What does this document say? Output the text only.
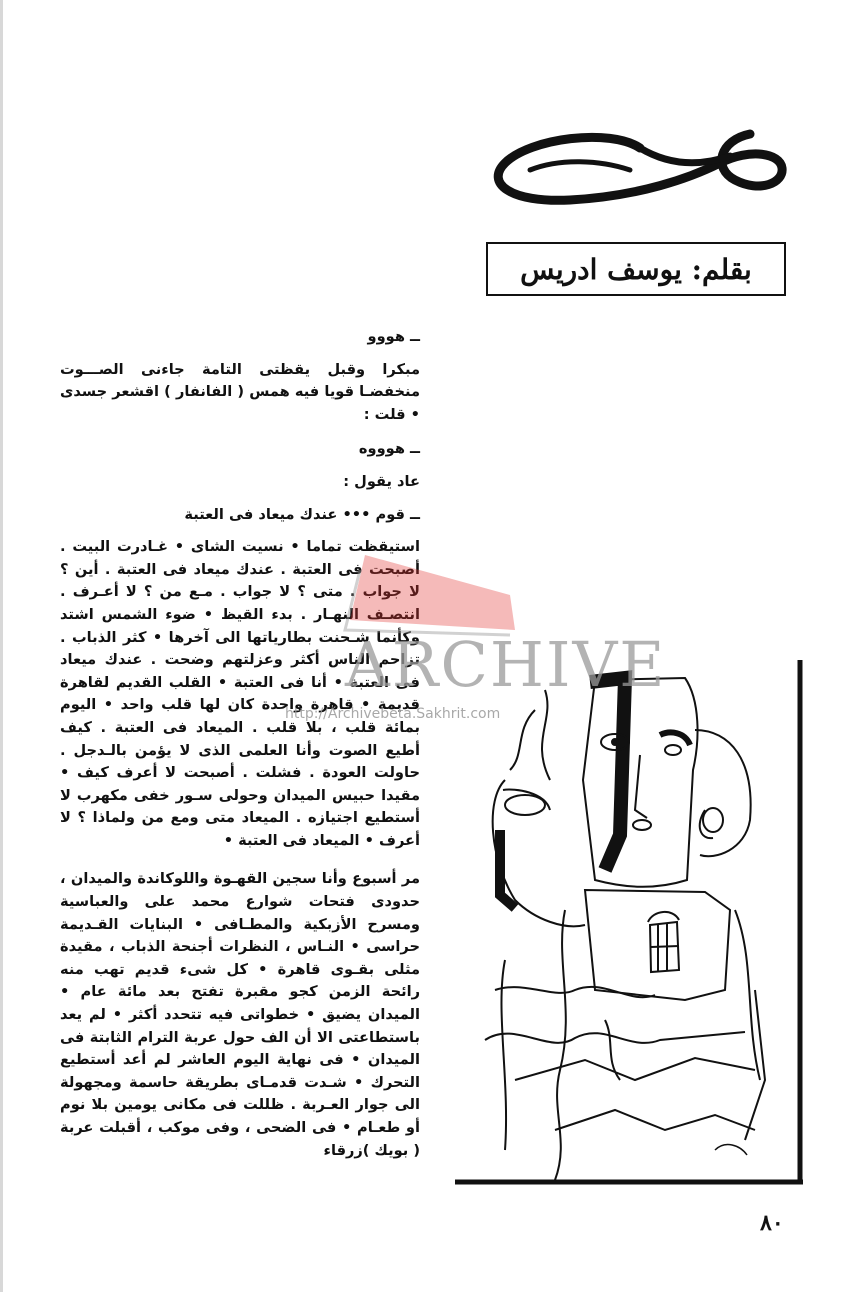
بقلم: يوسف ادريس

ــ هووو

مبكرا وقبل يقظتى التامة جاءنى الصـــوت منخفضـا قويا فيه همس ( الفانفار ) اقشعر جسدى • قلت :

ــ هوووه

عاد يقول :

ــ قوم ••• عندك ميعاد فى العتبة

استيقظت تماما • نسيت الشاى • غـادرت البيت . أصبحت فى العتبة . عندك ميعاد فى العتبة . أين ؟ لا جواب . متى ؟ لا جواب . مـع من ؟ لا أعـرف . انتصـف النهـار . بدء القيظ • ضوء الشمس اشتد وكأنما شـحنت بطارياتها الى آخرها • كثر الذباب . تزاحم الناس أكثر وعزلتهم وضحت . عندك ميعاد فى العتبة • أنا فى العتبة • القلب القديم لقاهرة قديمة • قاهرة واحدة كان لها قلب واحد • اليوم بمائة قلب ، بلا قلب . الميعاد فى العتبة . كيف أطيع الصوت وأنا العلمى الذى لا يؤمن بالـدجل . حاولت العودة . فشلت . أصبحت لا أعرف كيف • مقيدا حبيس الميدان وحولى سـور خفى مكهرب لا أستطيع اجتيازه . الميعاد متى ومع من ولماذا ؟ لا أعرف • الميعاد فى العتبة •

مر أسبوع وأنا سجين القهـوة واللوكاندة والميدان ، حدودى فتحات شوارع محمد على والعباسية ومسرح الأزبكية والمطـافى • البنايات القـديمة حراسى • النـاس ، النظرات أجنحة الذباب ، مقيدة مثلى بقـوى قاهرة • كل شىء قديم تهب منه رائحة الزمن كجو مقبرة تفتح بعد مائة عام • الميدان يضيق • خطواتى فيه تتحدد أكثر • لم يعد باستطاعتى الا أن الف حول عربة الترام الثابتة فى الميدان • فى نهاية اليوم العاشر لم أعد أستطيع التحرك • شـدت قدمـاى بطريقة حاسمة ومجهولة الى جوار العـربة . ظللت فى مكانى يومين بلا نوم أو طعـام • فى الضحى ، وفى موكب ، أقبلت عربة ( بويك )زرقاء

ARCHIVE
http://Archivebeta.Sakhrit.com
٨٠
